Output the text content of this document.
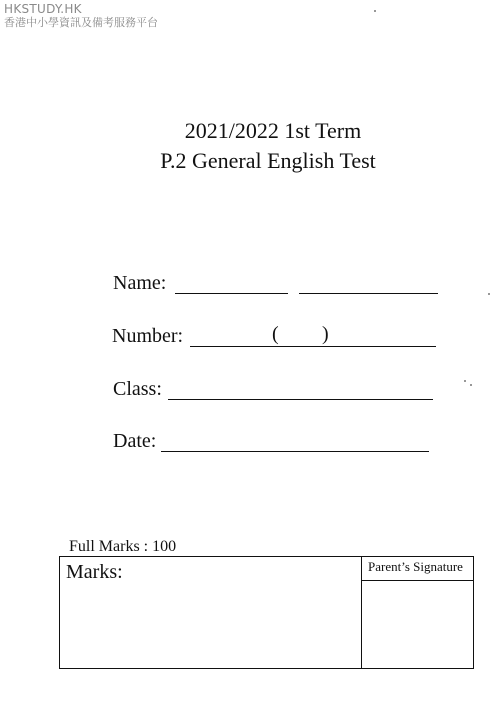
HKSTUDY.HK
香港中小學資訊及備考服務平台
2021/2022 1st Term
P.2 General English Test
Name:
Number:	( )
Class:
Date:
Full Marks : 100
Marks:	Parent’s Signature
